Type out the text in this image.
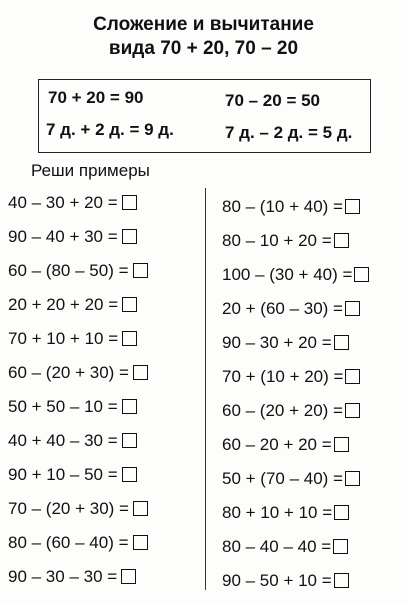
Сложение и вычитание
вида 70 + 20, 70 – 20
70 + 20 = 90	70 – 20 = 50
7 д. + 2 д. = 9 д.	7 д. – 2 д. = 5 д.
Реши примеры
40 – 30 + 20 =
90 – 40 + 30 =
60 – (80 – 50) =
20 + 20 + 20 =
70 + 10 + 10 =
60 – (20 + 30) =
50 + 50 – 10 =
40 + 40 – 30 =
90 + 10 – 50 =
70 – (20 + 30) =
80 – (60 – 40) =
90 – 30 – 30 =
80 – (10 + 40) =
80 – 10 + 20 =
100 – (30 + 40) =
20 + (60 – 30) =
90 – 30 + 20 =
70 + (10 + 20) =
60 – (20 + 20) =
60 – 20 + 20 =
50 + (70 – 40) =
80 + 10 + 10 =
80 – 40 – 40 =
90 – 50 + 10 =
